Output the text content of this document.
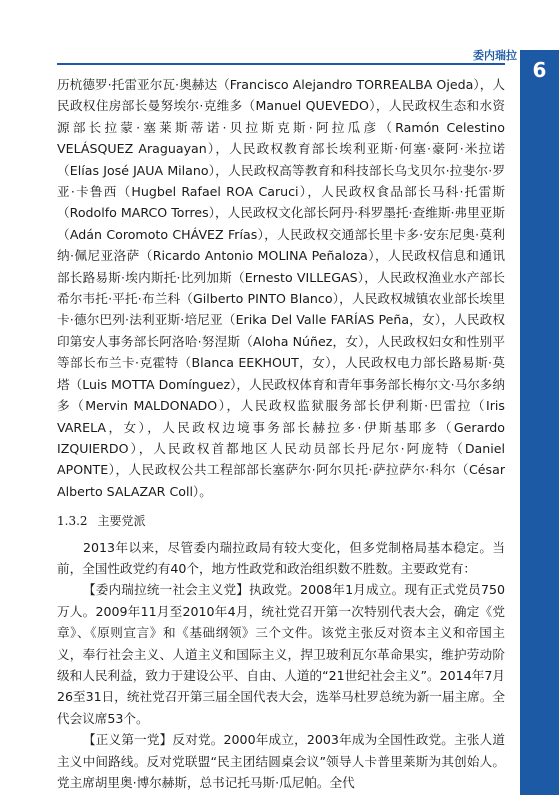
委内瑞拉
6

历杭德罗·托雷亚尔瓦·奥赫达（Francisco Alejandro TORREALBA Ojeda），人民政权住房部长曼努埃尔·克维多（Manuel QUEVEDO），人民政权生态和水资源部长拉蒙·塞莱斯蒂诺·贝拉斯克斯·阿拉瓜彦（Ramón Celestino VELÁSQUEZ Araguayan），人民政权教育部长埃利亚斯·何塞·豪阿·米拉诺（Elías José JAUA Milano），人民政权高等教育和科技部长乌戈贝尔·拉斐尔·罗亚·卡鲁西（Hugbel Rafael ROA Caruci），人民政权食品部长马科·托雷斯（Rodolfo MARCO Torres），人民政权文化部长阿丹·科罗墨托·查维斯·弗里亚斯（Adán Coromoto CHÁVEZ Frías），人民政权交通部长里卡多·安东尼奥·莫利纳·佩尼亚洛萨（Ricardo Antonio MOLINA Peñaloza），人民政权信息和通讯部长路易斯·埃内斯托·比列加斯（Ernesto VILLEGAS），人民政权渔业水产部长希尔韦托·平托·布兰科（Gilberto PINTO Blanco），人民政权城镇农业部长埃里卡·德尔巴列·法利亚斯·培尼亚（Erika Del Valle FARÍAS Peña，女），人民政权印第安人事务部长阿洛哈·努涅斯（Aloha Núñez，女），人民政权妇女和性别平等部长布兰卡·克霍特（Blanca EEKHOUT，女），人民政权电力部长路易斯·莫塔（Luis MOTTA Domínguez），人民政权体育和青年事务部长梅尔文·马尔多纳多（Mervin MALDONADO），人民政权监狱服务部长伊利斯·巴雷拉（Iris VARELA，女），人民政权边境事务部长赫拉多·伊斯基耶多（Gerardo IZQUIERDO），人民政权首都地区人民动员部长丹尼尔·阿庞特（Daniel APONTE），人民政权公共工程部部长塞萨尔·阿尔贝托·萨拉萨尔·科尔（César Alberto SALAZAR Coll）。

1.3.2 主要党派

2013年以来，尽管委内瑞拉政局有较大变化，但多党制格局基本稳定。当前，全国性政党约有40个，地方性政党和政治组织数不胜数。主要政党有：

【委内瑞拉统一社会主义党】执政党。2008年1月成立。现有正式党员750万人。2009年11月至2010年4月，统社党召开第一次特别代表大会，确定《党章》、《原则宣言》和《基础纲领》三个文件。该党主张反对资本主义和帝国主义，奉行社会主义、人道主义和国际主义，捍卫玻利瓦尔革命果实，维护劳动阶级和人民利益，致力于建设公平、自由、人道的“21世纪社会主义”。2014年7月26至31日，统社党召开第三届全国代表大会，选举马杜罗总统为新一届主席。全代会议席53个。

【正义第一党】反对党。2000年成立，2003年成为全国性政党。主张人道主义中间路线。反对党联盟“民主团结圆桌会议”领导人卡普里莱斯为其创始人。党主席胡里奥·博尔赫斯，总书记托马斯·瓜尼帕。全代
